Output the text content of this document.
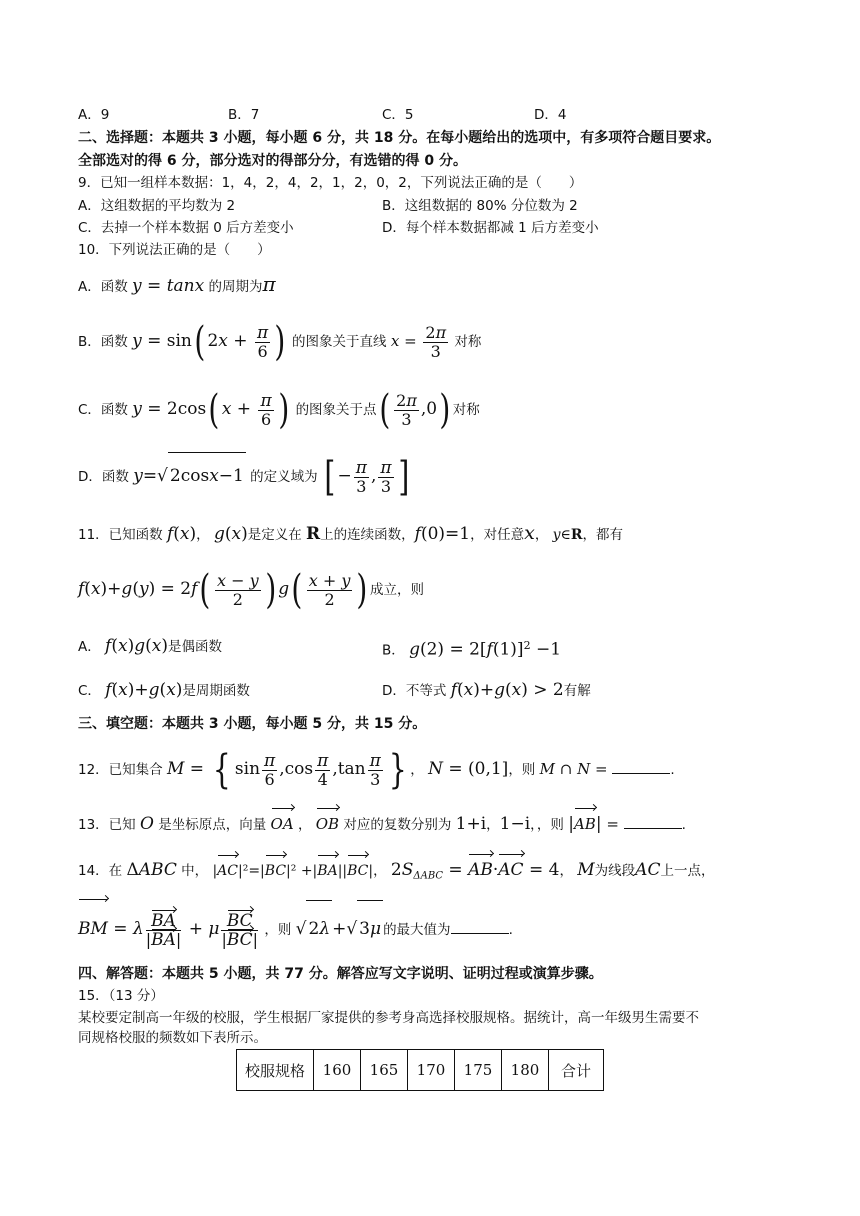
A．9	B．7	C．5	D．4
二、选择题：本题共 3 小题，每小题 6 分，共 18 分。在每小题给出的选项中，有多项符合题目要求。
全部选对的得 6 分，部分选对的得部分分，有选错的得 0 分。
9．已知一组样本数据：1，4，2，4，2，1，2，0，2，下列说法正确的是（　　）
A．这组数据的平均数为 2	B．这组数据的 80% 分位数为 2
C．去掉一个样本数据 0 后方差变小	D．每个样本数据都减 1 后方差变小
10．下列说法正确的是（　　）
A．函数 y = tanx 的周期为π
B．函数 y = sin( $2x + \frac{\pi}{6}$ ) 的图象关于直线 $x = \frac{2\pi}{3}$ 对称
C．函数 y = 2cos( $x + \frac{\pi}{6}$ ) 的图象关于点( $\frac{2\pi}{3} ,0$) 对称
D．函数 y=√ 2cosx−1 的定义域为 [ − $\frac{\pi}{3}$ , $\frac{\pi}{3}$ ]
11．已知函数 f(x)， g(x)是定义在 R上的连续函数，f(0)=1，对任意x， y∈R，都有
$f(x)+g(y) = 2f( \frac{x - y}{2}$ ) $g( \frac{x + y}{2}$ ) 成立，则
A． f(x)g(x)是偶函数	B． $g(2) = 2[f(1)]^2 -1$
C． f(x)+g(x)是周期函数	D．不等式 f(x)+g(x) > 2有解
三、填空题：本题共 3 小题，每小题 5 分，共 15 分。
12．已知集合 M = { $\sin \frac{\pi}{6} ,\cos \frac{\pi}{4} ,\tan \frac{\pi}{3}$ } ， N = (0,1]，则 M ∩ N =	.
13．已知 O 是坐标原点，向量 OA ， OB 对应的复数分别为 1+i，1−i，，则 |AB| =	.
14．在 ΔABC 中， |AC|²=|BC|² +|BA||BC|， $2S_{\Delta ABC} = AB\cdot AC = 4$， M为线段AC上一点，
BM = λ $\frac{BA}{|BA|} + \mu \frac{BC}{|BC|}$ ，则 √ 2λ +√ 3μ 的最大值为	.
四、解答题：本题共 5 小题，共 77 分。解答应写文字说明、证明过程或演算步骤。
15．（13 分）
某校要定制高一年级的校服，学生根据厂家提供的参考身高选择校服规格。据统计，高一年级男生需要不
同规格校服的频数如下表所示。
校服规格	160	165	170	175	180	合计
